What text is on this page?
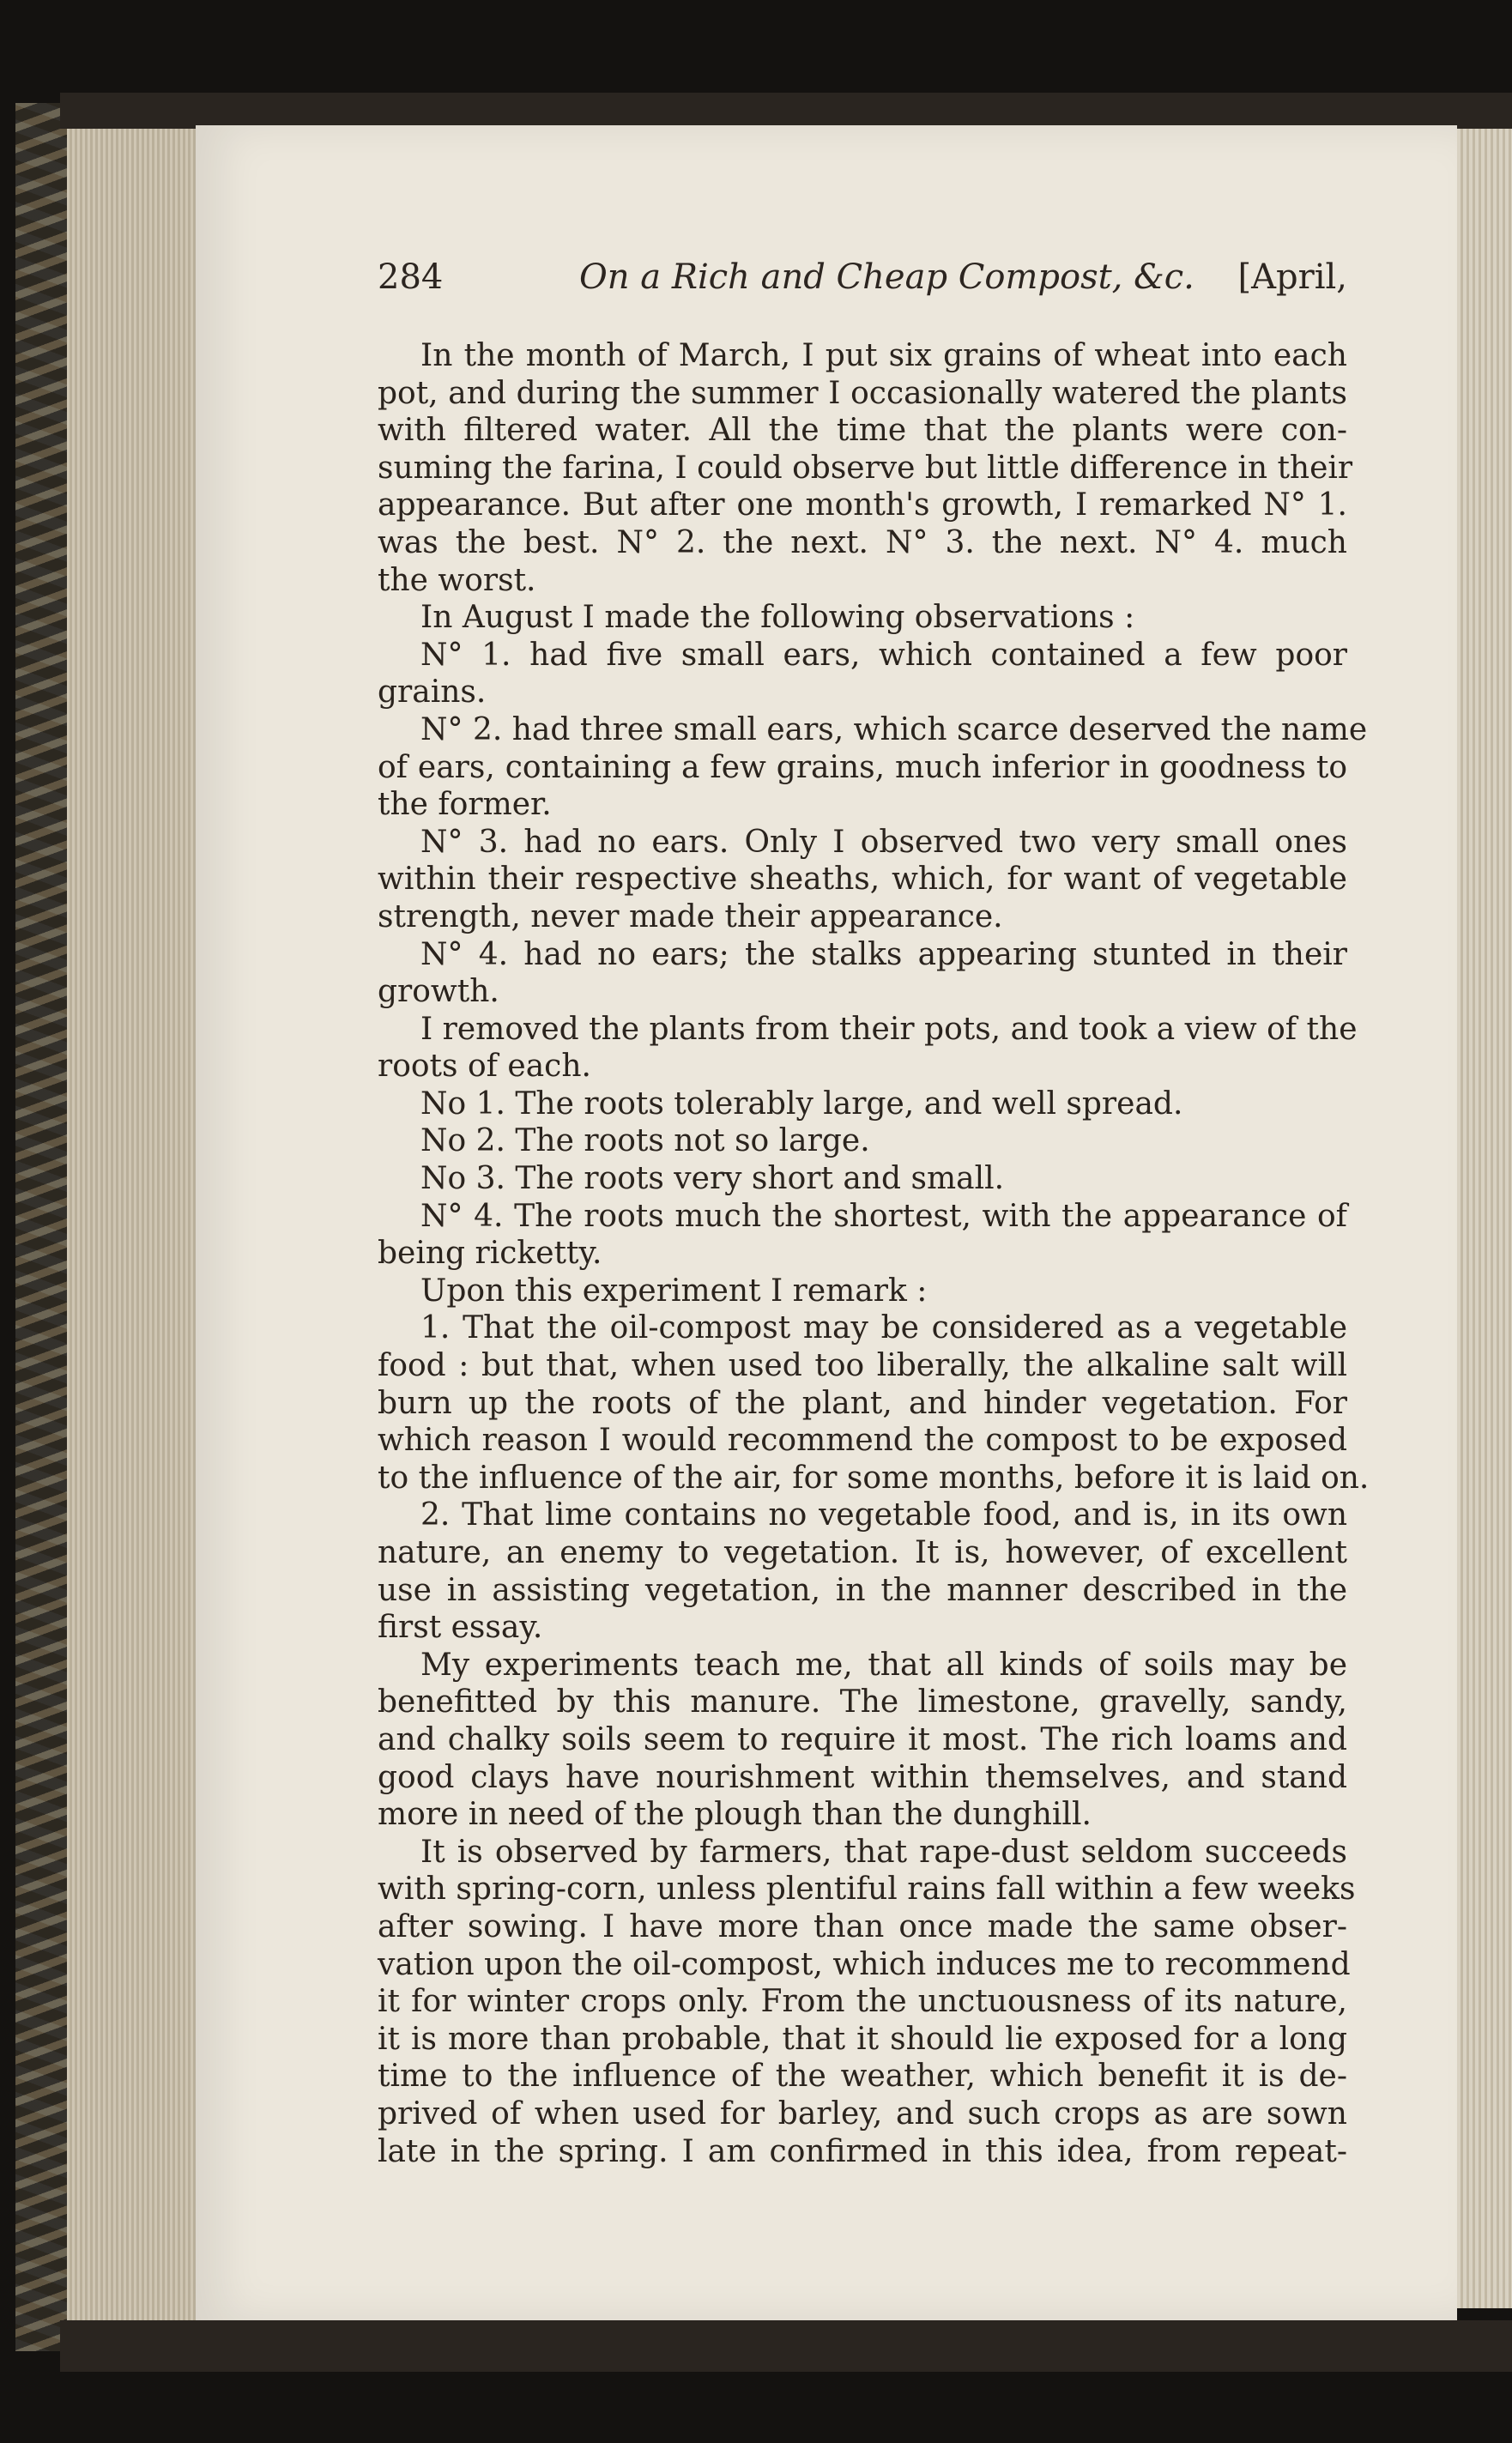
284	On a Rich and Cheap Compost, &c. [April,
In the month of March, I put six grains of wheat into each
pot, and during the summer I occasionally watered the plants
with filtered water. All the time that the plants were con-
suming the farina, I could observe but little difference in their
appearance. But after one month's growth, I remarked N° 1.
was the best. N° 2. the next. N° 3. the next. N° 4. much
the worst.
In August I made the following observations :
N° 1. had five small ears, which contained a few poor
grains.
N° 2. had three small ears, which scarce deserved the name
of ears, containing a few grains, much inferior in goodness to
the former.
N° 3. had no ears. Only I observed two very small ones
within their respective sheaths, which, for want of vegetable
strength, never made their appearance.
N° 4. had no ears; the stalks appearing stunted in their
growth.
I removed the plants from their pots, and took a view of the
roots of each.
No 1. The roots tolerably large, and well spread.
No 2. The roots not so large.
No 3. The roots very short and small.
N° 4. The roots much the shortest, with the appearance of
being ricketty.
Upon this experiment I remark :
1. That the oil-compost may be considered as a vegetable
food : but that, when used too liberally, the alkaline salt will
burn up the roots of the plant, and hinder vegetation. For
which reason I would recommend the compost to be exposed
to the influence of the air, for some months, before it is laid on.
2. That lime contains no vegetable food, and is, in its own
nature, an enemy to vegetation. It is, however, of excellent
use in assisting vegetation, in the manner described in the
first essay.
My experiments teach me, that all kinds of soils may be
benefitted by this manure. The limestone, gravelly, sandy,
and chalky soils seem to require it most. The rich loams and
good clays have nourishment within themselves, and stand
more in need of the plough than the dunghill.
It is observed by farmers, that rape-dust seldom succeeds
with spring-corn, unless plentiful rains fall within a few weeks
after sowing. I have more than once made the same obser-
vation upon the oil-compost, which induces me to recommend
it for winter crops only. From the unctuousness of its nature,
it is more than probable, that it should lie exposed for a long
time to the influence of the weather, which benefit it is de-
prived of when used for barley, and such crops as are sown
late in the spring. I am confirmed in this idea, from repeat-
